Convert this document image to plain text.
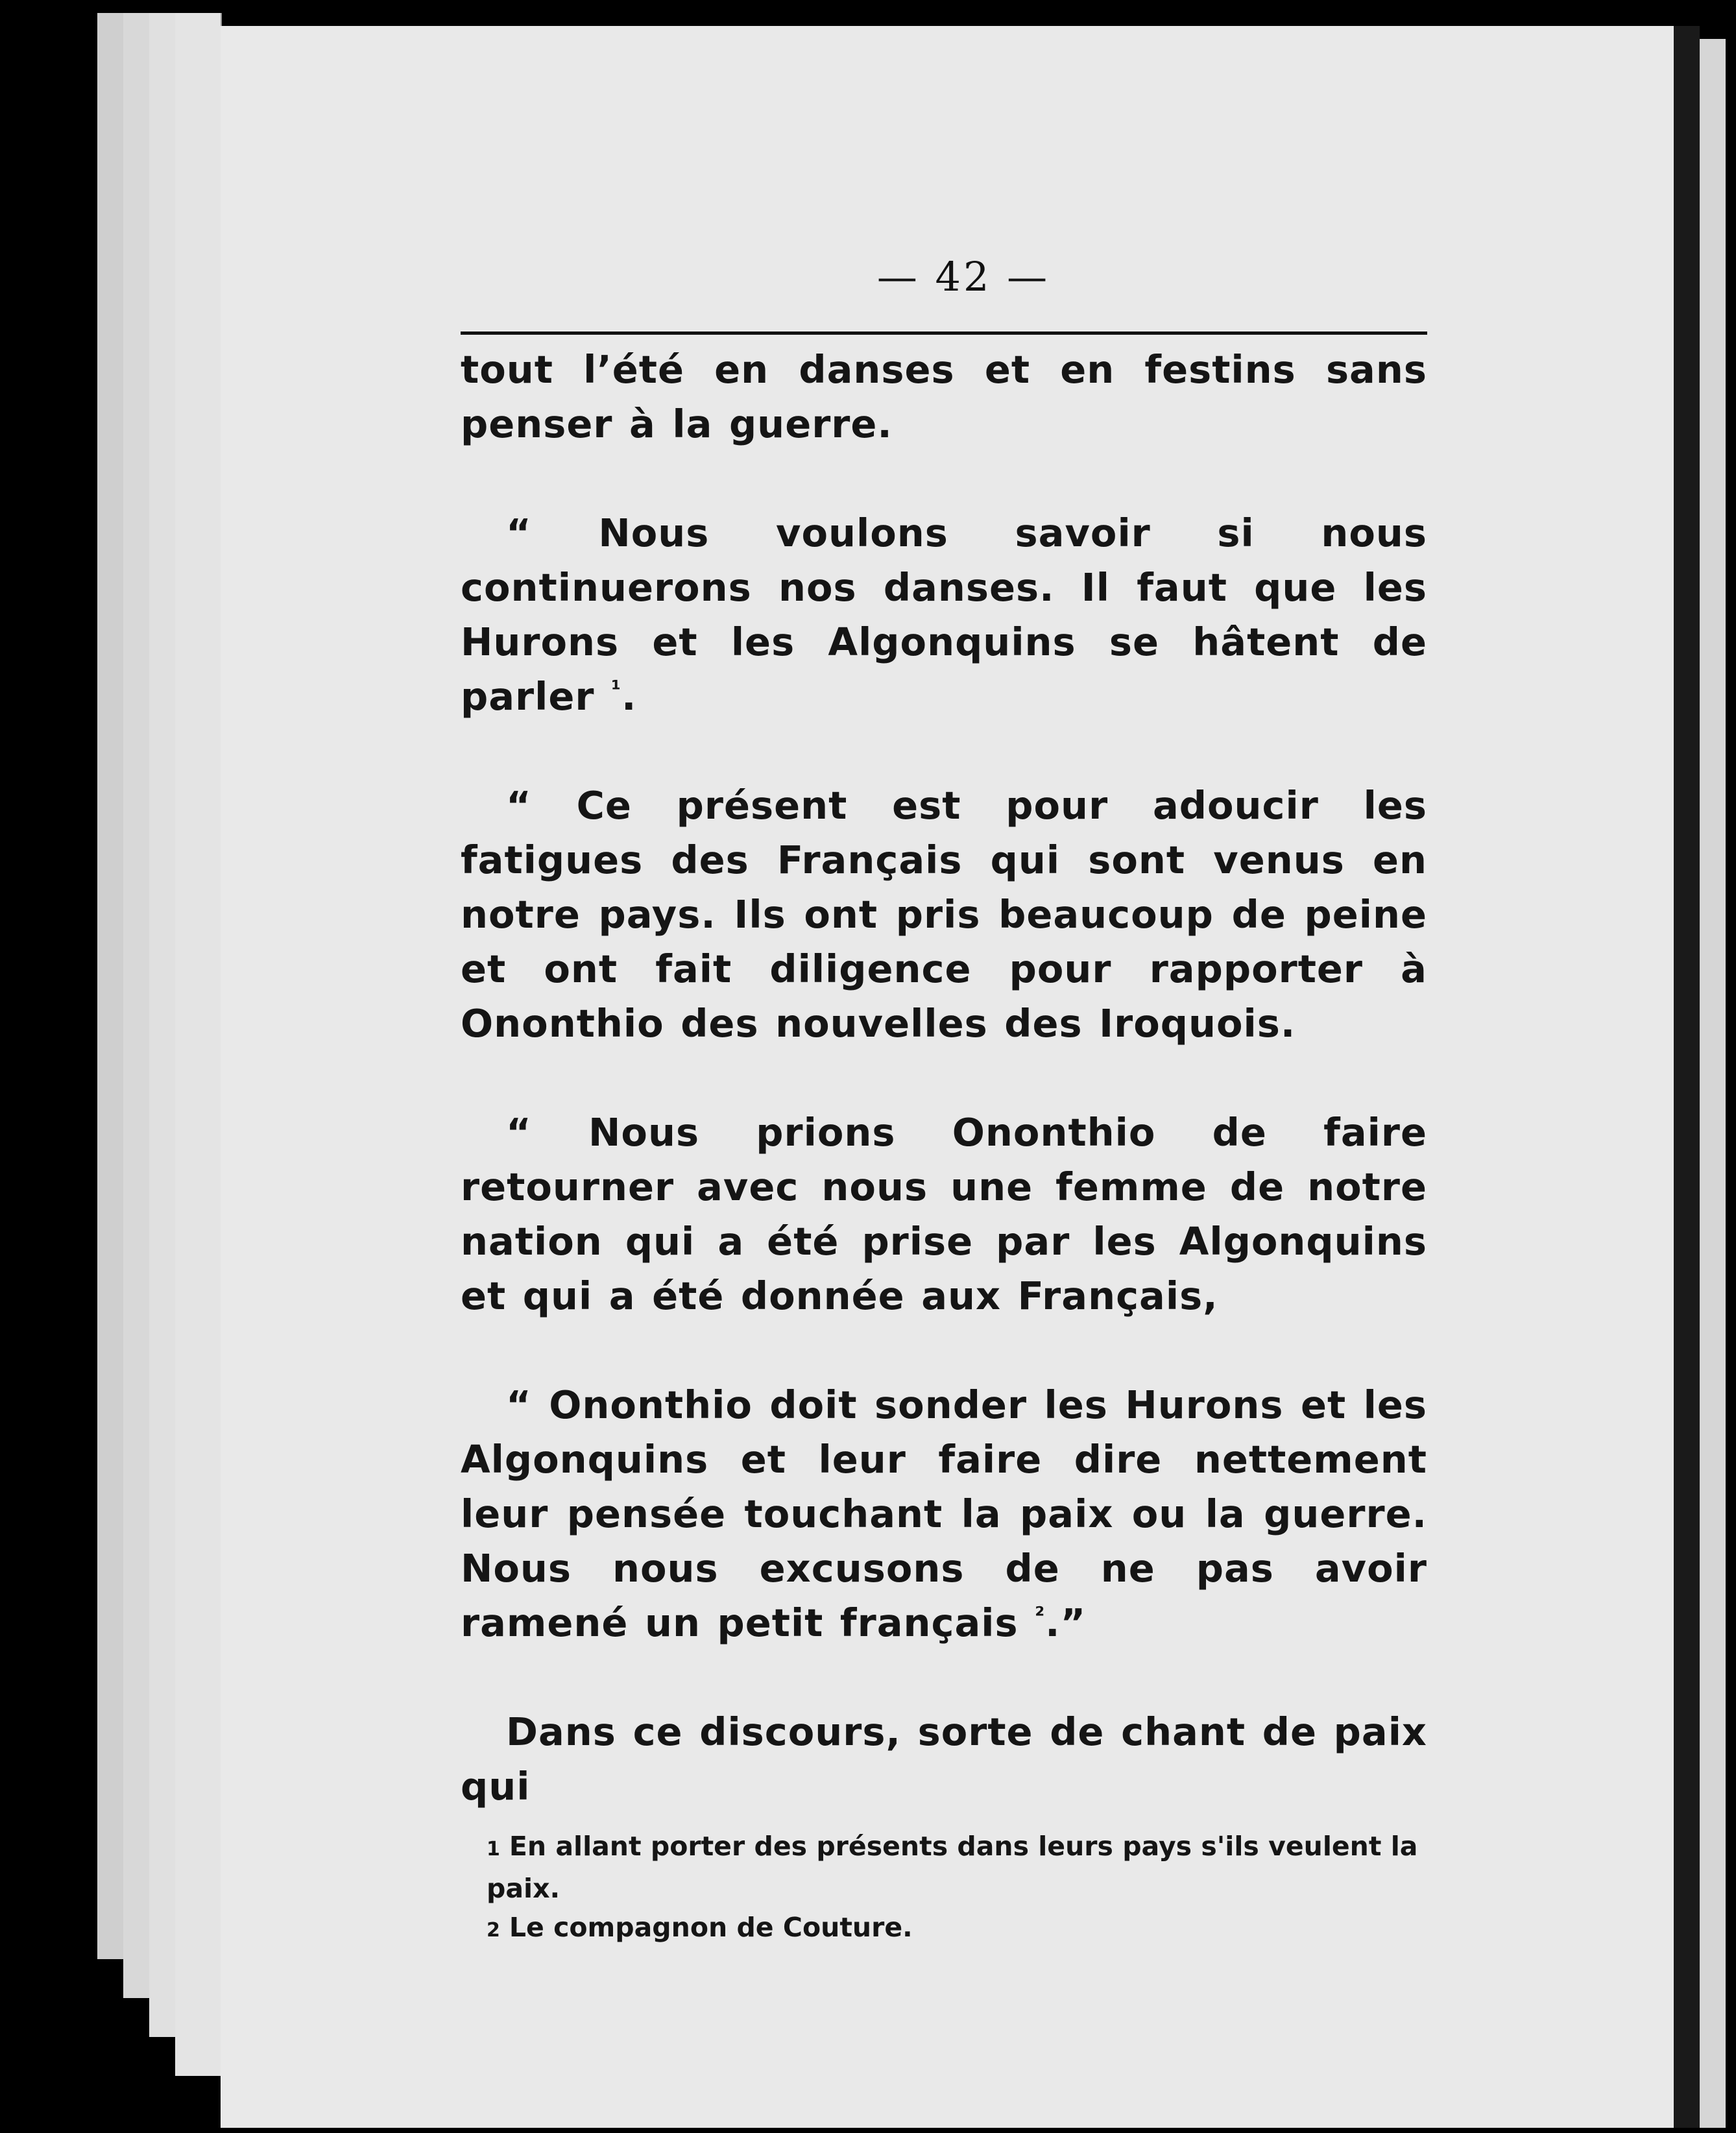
— 42 —

tout l’été en danses et en festins sans penser à la guerre.

“ Nous voulons savoir si nous continuerons nos danses. Il faut que les Hurons et les Algonquins se hâtent de parler $^{^1}$.

“ Ce présent est pour adoucir les fatigues des Français qui sont venus en notre pays. Ils ont pris beaucoup de peine et ont fait diligence pour rapporter à Ononthio des nouvelles des Iroquois.

“ Nous prions Ononthio de faire retourner avec nous une femme de notre nation qui a été prise par les Algonquins et qui a été donnée aux Français,

“ Ononthio doit sonder les Hurons et les Algonquins et leur faire dire nettement leur pensée touchant la paix ou la guerre. Nous nous excusons de ne pas avoir ramené un petit français $^{^2}$.”

Dans ce discours, sorte de chant de paix qui

1 En allant porter des présents dans leurs pays s'ils veulent la paix.
2 Le compagnon de Couture.
